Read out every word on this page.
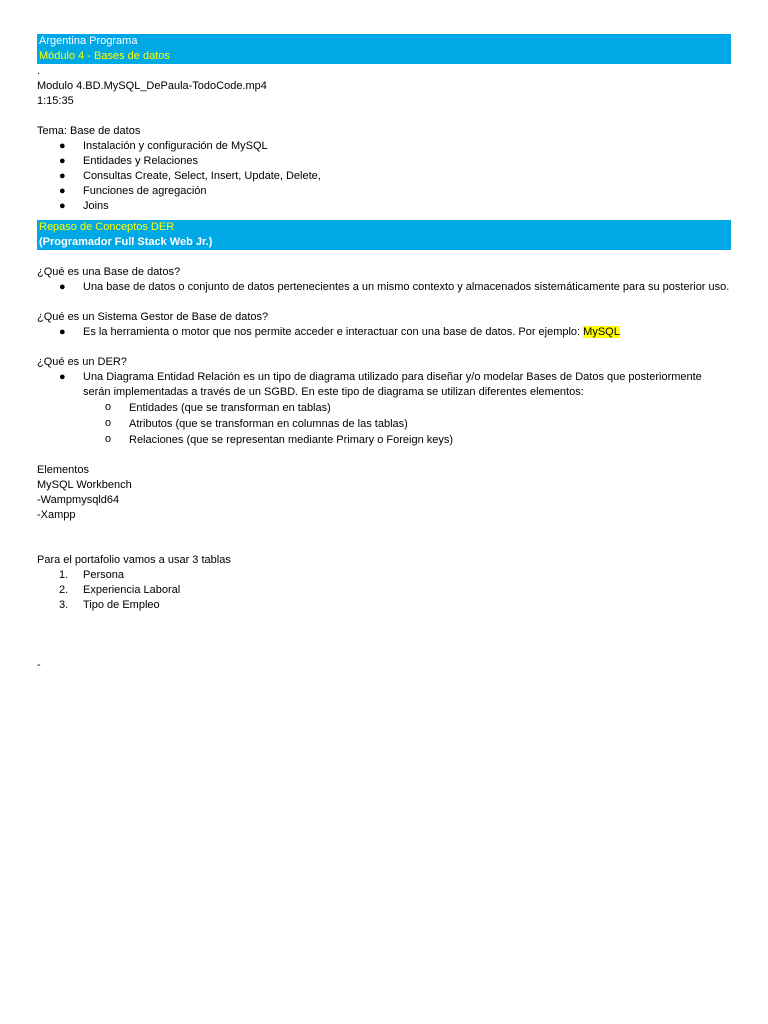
Argentina Programa
Módulo 4 - Bases de datos
.
Modulo 4.BD.MySQL_DePaula-TodoCode.mp4
1:15:35
Tema: Base de datos
●	Instalación y configuración de MySQL
●	Entidades y Relaciones
●	Consultas Create, Select, Insert, Update, Delete,
●	Funciones de agregación
●	Joins
Repaso de Conceptos DER
(Programador Full Stack Web Jr.)
¿Qué es una Base de datos?
●	Una base de datos o conjunto de datos pertenecientes a un mismo contexto y almacenados sistemáticamente para su posterior uso.
¿Qué es un Sistema Gestor de Base de datos?
●	Es la herramienta o motor que nos permite acceder e interactuar con una base de datos. Por ejemplo: MySQL
¿Qué es un DER?
●	Una Diagrama Entidad Relación es un tipo de diagrama utilizado para diseñar y/o modelar Bases de Datos que posteriormente serán implementadas a través de un SGBD. En este tipo de diagrama se utilizan diferentes elementos:
o Entidades (que se transforman en tablas)
o Atributos (que se transforman en columnas de las tablas)
o Relaciones (que se representan mediante Primary o Foreign keys)
Elementos
MySQL Workbench
-Wampmysqld64
-Xampp
Para el portafolio vamos a usar 3 tablas
1. Persona
2. Experiencia Laboral
3. Tipo de Empleo
-
